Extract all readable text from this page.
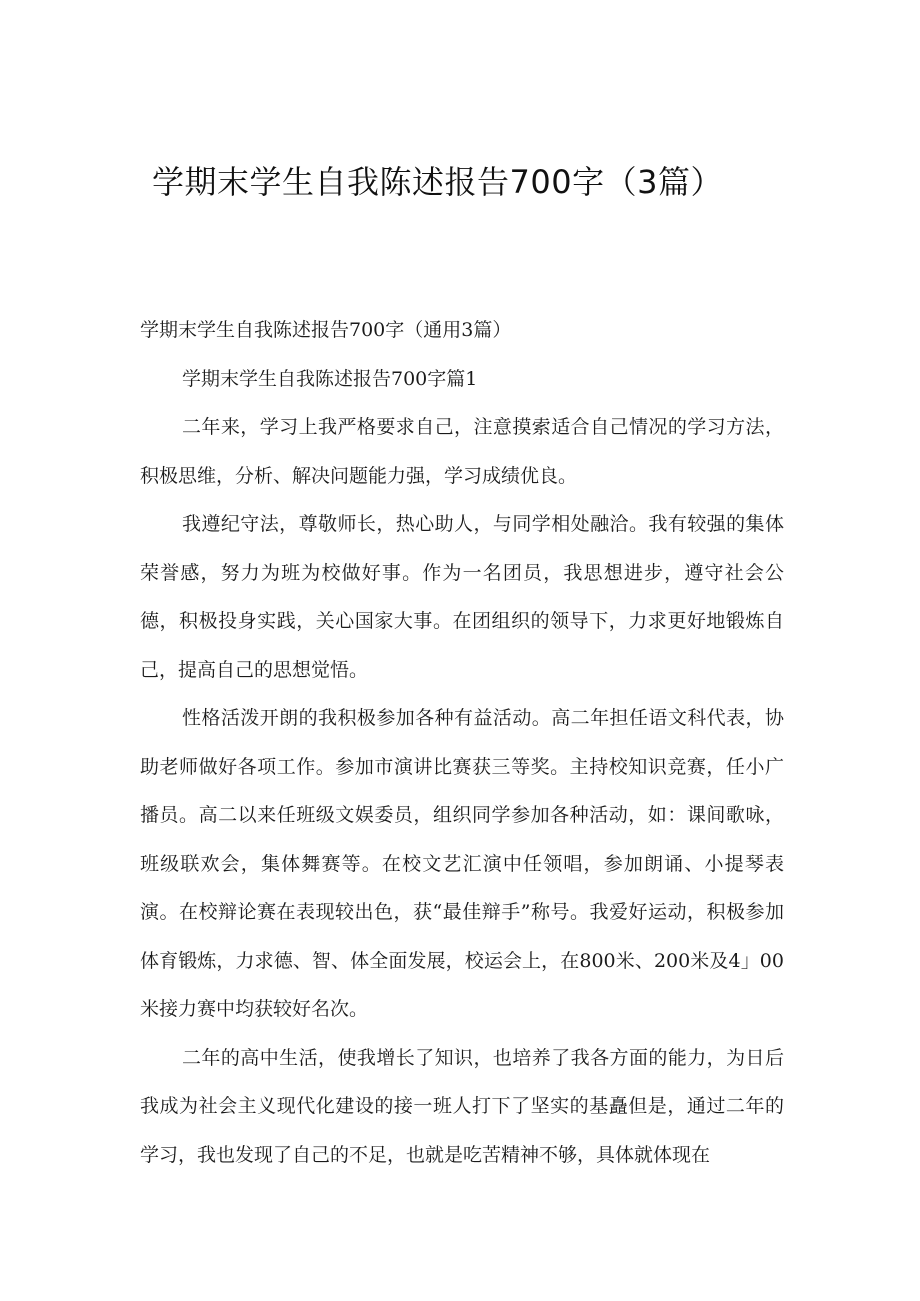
学期末学生自我陈述报告700字（3篇）

学期末学生自我陈述报告700字（通用3篇）

学期末学生自我陈述报告700字篇1

二年来，学习上我严格要求自己，注意摸索适合自己情况的学习方法，积极思维，分析、解决问题能力强，学习成绩优良。

我遵纪守法，尊敬师长，热心助人，与同学相处融洽。我有较强的集体荣誉感，努力为班为校做好事。作为一名团员，我思想进步，遵守社会公德，积极投身实践，关心国家大事。在团组织的领导下，力求更好地锻炼自己，提高自己的思想觉悟。

性格活泼开朗的我积极参加各种有益活动。高二年担任语文科代表，协助老师做好各项工作。参加市演讲比赛获三等奖。主持校知识竞赛，任小广播员。高二以来任班级文娱委员，组织同学参加各种活动，如：课间歌咏，班级联欢会，集体舞赛等。在校文艺汇演中任领唱，参加朗诵、小提琴表演。在校辩论赛在表现较出色，获“最佳辩手”称号。我爱好运动，积极参加体育锻炼，力求德、智、体全面发展，校运会上，在800米、200米及4」00米接力赛中均获较好名次。

二年的高中生活，使我增长了知识，也培养了我各方面的能力，为日后我成为社会主义现代化建设的接一班人打下了坚实的基矗但是，通过二年的学习，我也发现了自己的不足，也就是吃苦精神不够，具体就体现在
